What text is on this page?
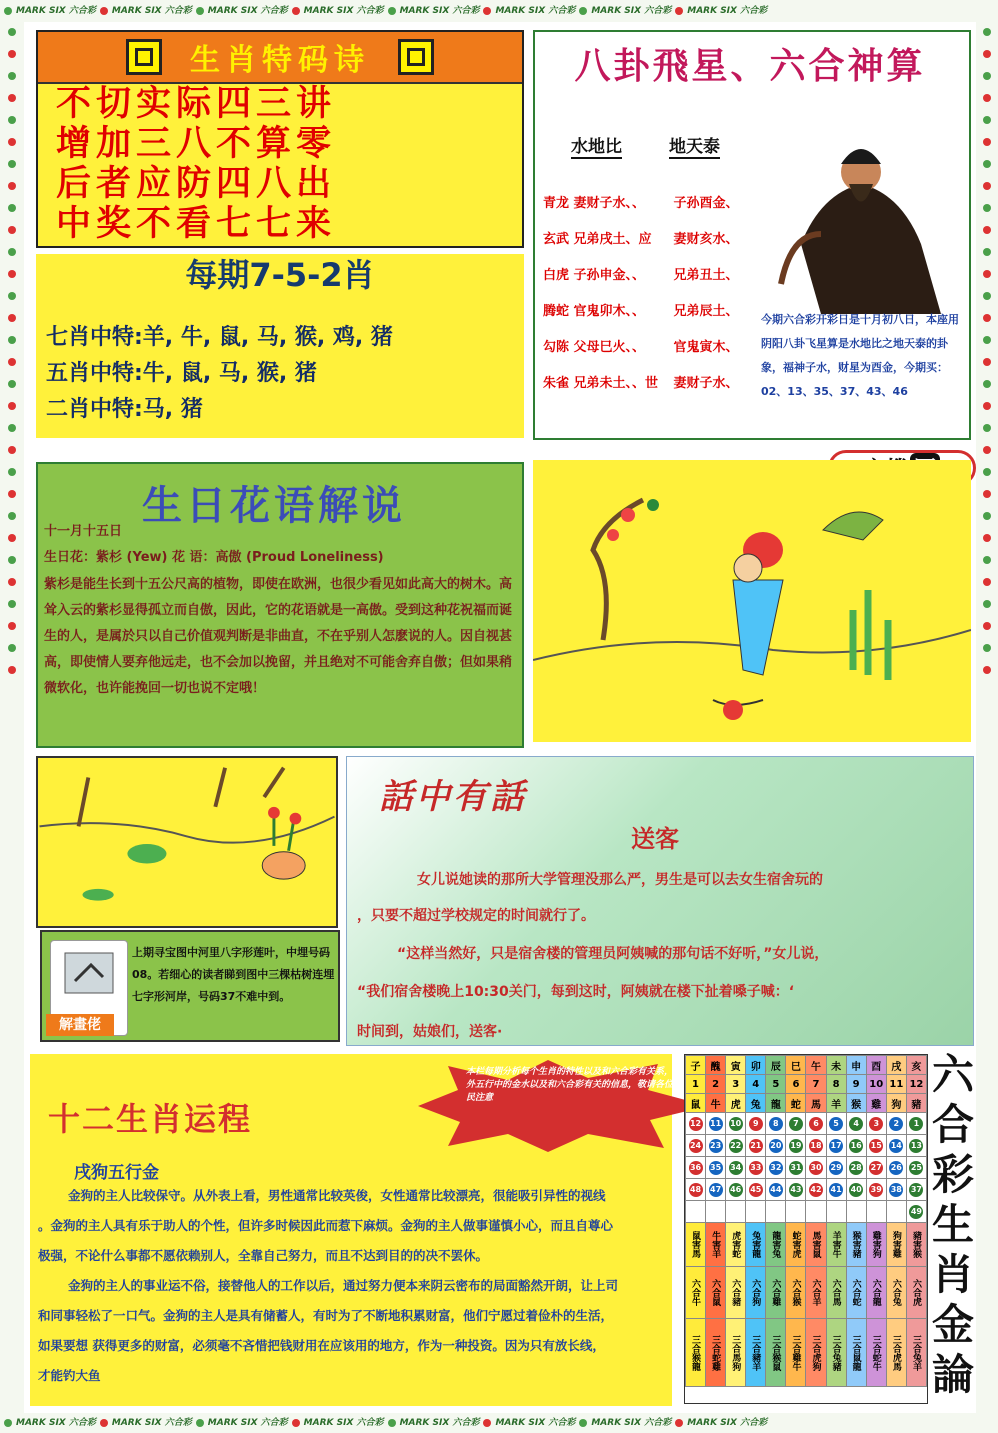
MARK SIX 六合彩 MARK SIX 六合彩 MARK SIX 六合彩 MARK SIX 六合彩 MARK SIX 六合彩 MARK SIX 六合彩 MARK SIX 六合彩 MARK SIX 六合彩
MARK SIX 六合彩 MARK SIX 六合彩 MARK SIX 六合彩 MARK SIX 六合彩 MARK SIX 六合彩 MARK SIX 六合彩 MARK SIX 六合彩 MARK SIX 六合彩
生肖特码诗
不切实际四三讲
增加三八不算零
后者应防四八出
中奖不看七七来
每期7-5-2肖
七肖中特:羊, 牛, 鼠, 马, 猴, 鸡, 猪
五肖中特:牛, 鼠, 马, 猴, 猪
二肖中特:马, 猪
八卦飛星、六合神算
水地比	地天泰
青龙 妻财子水、、 子孙酉金、
玄武 兄弟戌土、应 妻财亥水、
白虎 子孙申金、、 兄弟丑土、
腾蛇 官鬼卯木、、 兄弟辰土、
勾陈 父母巳火、、 官鬼寅木、
朱雀 兄弟未土、、世 妻财子水、
今期六合彩开彩日是十月初八日，本座用阴阳八卦飞星算是水地比之地天泰的卦象，福神子水，财星为酉金，今期买：02、13、35、37、43、46
生日花语解说
十一月十五日
生日花：紫杉 (Yew) 花 语：高傲 (Proud Loneliness)
紫杉是能生长到十五公尺高的植物，即使在欧洲，也很少看见如此高大的树木。高耸入云的紫杉显得孤立而自傲，因此，它的花语就是一高傲。受到这种花祝福而诞生的人，是属於只以自己价值观判断是非曲直，不在乎别人怎麽说的人。因自视甚高，即使情人要弃他远走，也不会加以挽留，并且绝对不可能舍弃自傲；但如果稍微软化，也许能挽回一切也说不定哦！
解畫佬
上期寻宝图中河里八字形莲叶，中埋号码08。若细心的读者睇到图中三棵枯树连埋七字形河岸，号码37不难中到。
話中有話
送客
女儿说她读的那所大学管理没那么严，男生是可以去女生宿舍玩的
，只要不超过学校规定的时间就行了。
“这样当然好，只是宿舍楼的管理员阿姨喊的那句话不好听，”女儿说，
“我们宿舍楼晚上10:30关门，每到这时，阿姨就在楼下扯着嗓子喊：‘
时间到，姑娘们，送客·
本栏每期分析每个生肖的特性以及和六合彩有关系，另外五行中的金水以及和六合彩有关的信息，敬请各位彩民注意
十二生肖运程
戌狗五行金
金狗的主人比较保守。从外表上看，男性通常比较英俊，女性通常比较漂亮，很能吸引异性的视线
。金狗的主人具有乐于助人的个性，但许多时候因此而惹下麻烦。金狗的主人做事谨慎小心，而且自尊心
极强，不论什么事都不愿依赖别人，全靠自己努力，而且不达到目的的决不罢休。
金狗的主人的事业运不俗，接替他人的工作以后，通过努力便本来阴云密布的局面豁然开朗，让上司
和同事轻松了一口气。金狗的主人是具有储蓄人，有时为了不断地积累财富，他们宁愿过着俭朴的生活，
如果要想 获得更多的财富，必须毫不吝惜把钱财用在应该用的地方，作为一种投资。因为只有放长线，
才能钓大鱼
子	醜	寅	卯	辰	巳	午	未	申	酉	戌	亥
1	2	3	4	5	6	7	8	9	10	11	12
鼠	牛	虎	兔	龍	蛇	馬	羊	猴	雞	狗	豬
12	11	10	9	8	7	6	5	4	3	2	1
24	23	22	21	20	19	18	17	16	15	14	13
36	35	34	33	32	31	30	29	28	27	26	25
48	47	46	45	44	43	42	41	40	39	38	37
											49
鼠害馬	牛害羊	虎害蛇	兔害龍	龍害兔	蛇害虎	馬害鼠	羊害牛	猴害豬	雞害狗	狗害雞	豬害猴
六合牛	六合鼠	六合豬	六合狗	六合雞	六合猴	六合羊	六合馬	六合蛇	六合龍	六合兔	六合虎
三合猴龍	三合蛇雞	三合馬狗	三合豬羊	三合猴鼠	三合雞牛	三合虎狗	三合兔豬	三合鼠龍	三合蛇牛	三合虎馬	三合兔羊
六
合
彩
生
肖
金
論
